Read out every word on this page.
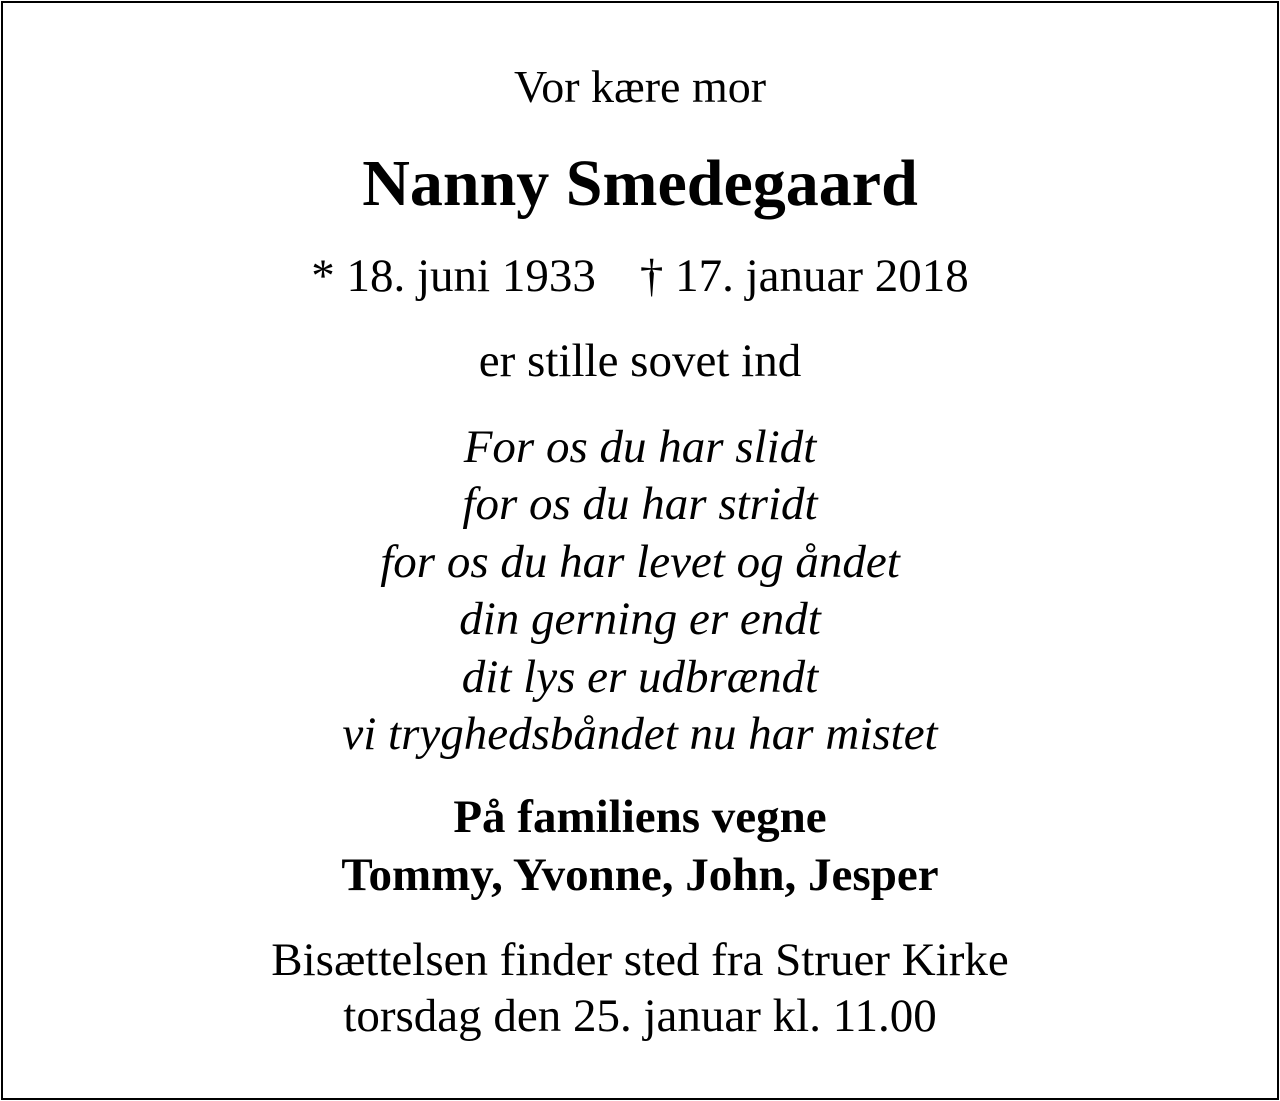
Vor kære mor
Nanny Smedegaard
* 18. juni 1933 † 17. januar 2018
er stille sovet ind
For os du har slidt
for os du har stridt
for os du har levet og åndet
din gerning er endt
dit lys er udbrændt
vi tryghedsbåndet nu har mistet
På familiens vegne
Tommy, Yvonne, John, Jesper
Bisættelsen finder sted fra Struer Kirke
torsdag den 25. januar kl. 11.00
